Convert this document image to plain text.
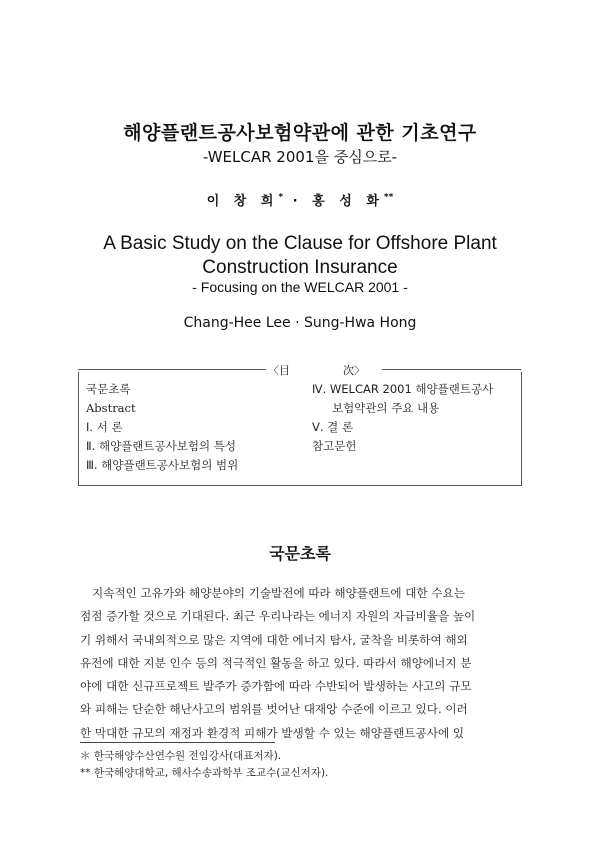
해양플랜트공사보험약관에 관한 기초연구
-WELCAR 2001을 중심으로-
이 창 희* · 홍 성 화**
A Basic Study on the Clause for Offshore Plant
Construction Insurance
- Focusing on the WELCAR 2001 -
Chang-Hee Lee · Sung-Hwa Hong
〈目	次〉
국문초록
Abstract
Ⅰ. 서 론
Ⅱ. 해양플랜트공사보험의 특성
Ⅲ. 해양플랜트공사보험의 범위
Ⅳ. WELCAR 2001 해양플랜트공사
보험약관의 주요 내용
Ⅴ. 결 론
참고문헌
국문초록
지속적인 고유가와 해양분야의 기술발전에 따라 해양플랜트에 대한 수요는
점점 증가할 것으로 기대된다. 최근 우리나라는 에너지 자원의 자급비율을 높이
기 위해서 국내외적으로 많은 지역에 대한 에너지 탐사, 굴착을 비롯하여 해외
유전에 대한 지분 인수 등의 적극적인 활동을 하고 있다. 따라서 해양에너지 분
야에 대한 신규프로젝트 발주가 증가함에 따라 수반되어 발생하는 사고의 규모
와 피해는 단순한 해난사고의 범위를 벗어난 대재앙 수준에 이르고 있다. 이러
한 막대한 규모의 재정과 환경적 피해가 발생할 수 있는 해양플랜트공사에 있
＊ 한국해양수산연수원 전임강사(대표저자).
** 한국해양대학교, 해사수송과학부 조교수(교신저자).
